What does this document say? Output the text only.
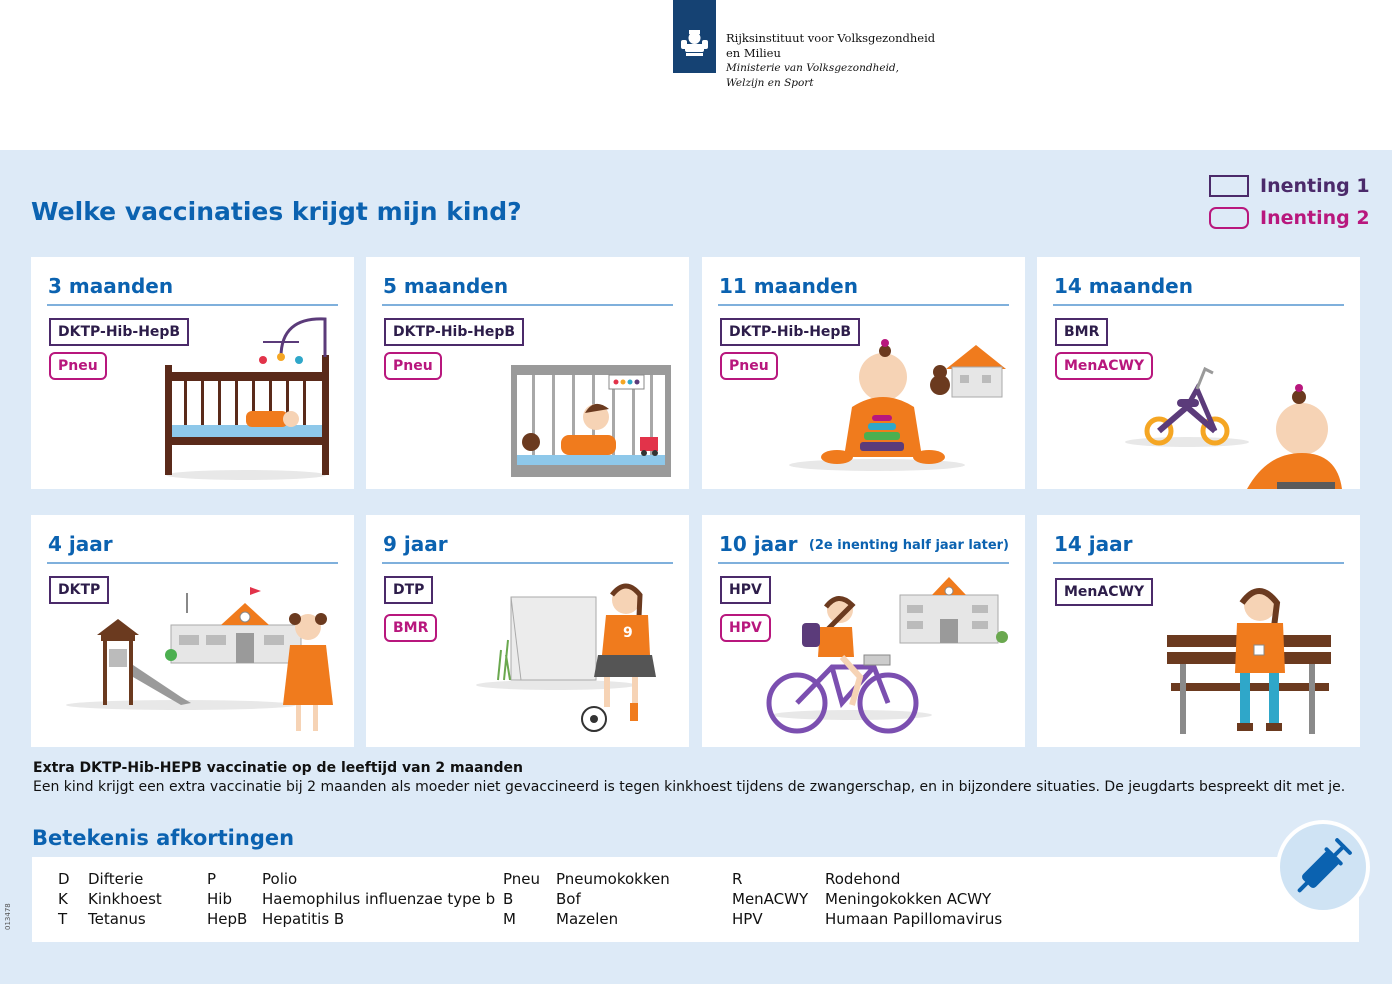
Rijksinstituut voor Volksgezondheid
en Milieu
Ministerie van Volksgezondheid,
Welzijn en Sport
Welke vaccinaties krijgt mijn kind?
Inenting 1
Inenting 2
3 maanden
DKTP-Hib-HepB
Pneu
5 maanden
DKTP-Hib-HepB
Pneu
11 maanden
DKTP-Hib-HepB
Pneu
14 maanden
BMR
MenACWY
4 jaar
DKTP
9
9 jaar
DTP
BMR
10 jaar (2e inenting half jaar later)
HPV
HPV
14 jaar
MenACWY
Extra DKTP-Hib-HEPB vaccinatie op de leeftijd van 2 maanden
Een kind krijgt een extra vaccinatie bij 2 maanden als moeder niet gevaccineerd is tegen kinkhoest tijdens de zwangerschap, en in bijzondere situaties. De jeugdarts bespreekt dit met je.
Betekenis afkortingen
D	Difterie
K	Kinkhoest
T	Tetanus
P	Polio
Hib	Haemophilus influenzae type b
HepB Hepatitis B
Pneu	Pneumokokken
B	Bof
M	Mazelen
R	Rodehond
MenACWY	Meningokokken ACWY
HPV	Humaan Papillomavirus
013478
